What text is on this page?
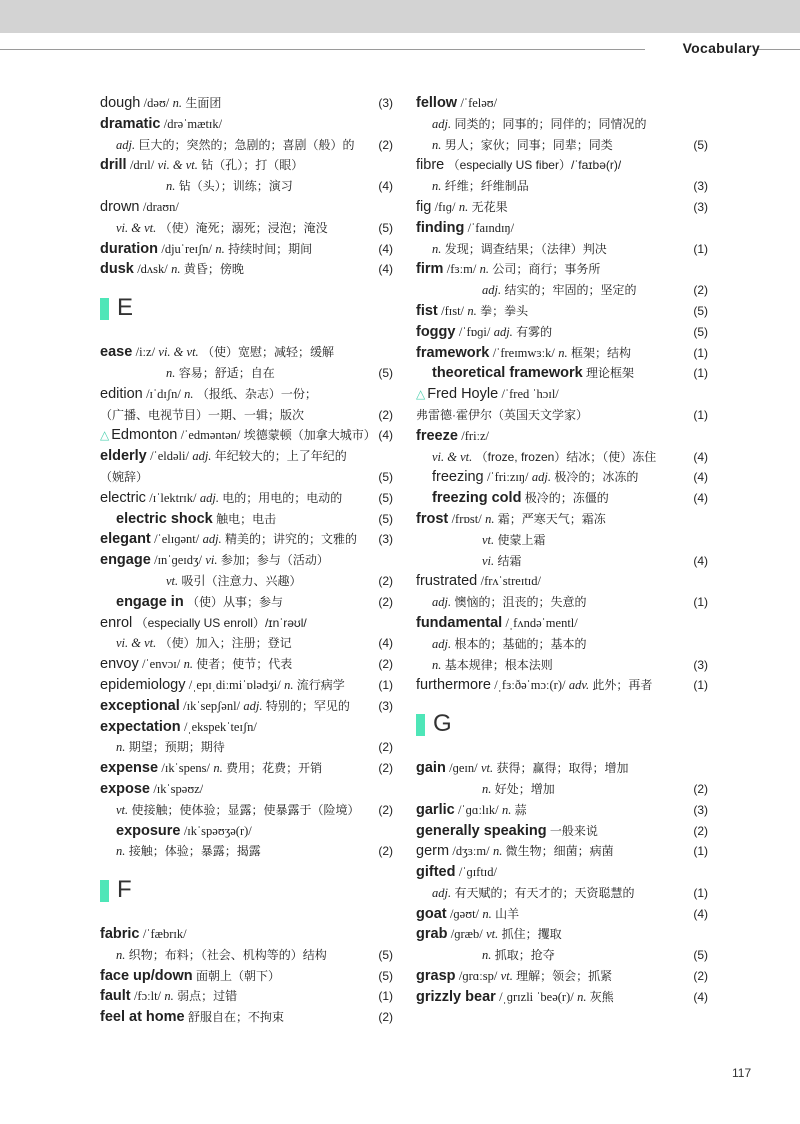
Vocabulary
dough /dəʊ/ n. 生面团	(3)
dramatic /drəˈmætɪk/
adj. 巨大的；突然的；急剧的；喜剧（般）的 (2)
drill /drɪl/ vi. & vt. 钻（孔）；打（眼）
n. 钻（头）；训练；演习	(4)
drown /draʊn/
vi. & vt. （使）淹死；溺死；浸泡；淹没	(5)
duration /djuˈreɪʃn/ n. 持续时间；期间	(4)
dusk /dʌsk/ n. 黄昏；傍晚	(4)
E
ease /iːz/ vi. & vt. （使）宽慰；减轻；缓解
n. 容易；舒适；自在	(5)
edition /ɪˈdɪʃn/ n. （报纸、杂志）一份；
（广播、电视节目）一期、一辑；版次	(2)
△ Edmonton /ˈedməntən/ 埃德蒙顿（加拿大城市） (4)
elderly /ˈeldəli/ adj. 年纪较大的；上了年纪的
（婉辞）	(5)
electric /ɪˈlektrɪk/ adj. 电的；用电的；电动的	(5)
electric shock 触电；电击	(5)
elegant /ˈelɪɡənt/ adj. 精美的；讲究的；文雅的 (3)
engage /ɪnˈɡeɪdʒ/ vi. 参加；参与（活动）
vt. 吸引（注意力、兴趣）	(2)
engage in （使）从事；参与	(2)
enrol （especially US enroll）/ɪnˈrəʊl/
vi. & vt. （使）加入；注册；登记	(4)
envoy /ˈenvɔɪ/ n. 使者；使节；代表	(2)
epidemiology /ˌepɪˌdiːmiˈɒlədʒi/ n. 流行病学	(1)
exceptional /ɪkˈsepʃənl/ adj. 特别的；罕见的 (3)
expectation /ˌekspekˈteɪʃn/
n. 期望；预期；期待	(2)
expense /ɪkˈspens/ n. 费用；花费；开销	(2)
expose /ɪkˈspəʊz/
vt. 使接触；使体验；显露；使暴露于（险境） (2)
exposure /ɪkˈspəʊʒə(r)/
n. 接触；体验；暴露；揭露	(2)
F
fabric /ˈfæbrɪk/
n. 织物；布料；（社会、机构等的）结构	(5)
face up/down 面朝上（朝下）	(5)
fault /fɔːlt/ n. 弱点；过错	(1)
feel at home 舒服自在；不拘束	(2)
fellow /ˈfeləʊ/
adj. 同类的；同事的；同伴的；同情况的
n. 男人；家伙；同事；同辈；同类	(5)
fibre （especially US fiber）/ˈfaɪbə(r)/
n. 纤维；纤维制品	(3)
fig /fɪɡ/ n. 无花果	(3)
finding /ˈfaɪndɪŋ/
n. 发现；调查结果；（法律）判决	(1)
firm /fɜːm/ n. 公司；商行；事务所
adj. 结实的；牢固的；坚定的	(2)
fist /fɪst/ n. 拳；拳头	(5)
foggy /ˈfɒɡi/ adj. 有雾的	(5)
framework /ˈfreɪmwɜːk/ n. 框架；结构	(1)
theoretical framework 理论框架	(1)
△ Fred Hoyle /ˈfred ˈhɔɪl/
弗雷德·霍伊尔（英国天文学家）	(1)
freeze /friːz/
vi. & vt. （froze, frozen）结冰；（使）冻住	(4)
freezing /ˈfriːzɪŋ/ adj. 极冷的；冰冻的	(4)
freezing cold 极冷的；冻僵的	(4)
frost /frɒst/ n. 霜；严寒天气；霜冻
vt. 使蒙上霜
vi. 结霜	(4)
frustrated /frʌˈstreɪtɪd/
adj. 懊恼的；沮丧的；失意的	(1)
fundamental /ˌfʌndəˈmentl/
adj. 根本的；基础的；基本的
n. 基本规律；根本法则	(3)
furthermore /ˌfɜːðəˈmɔː(r)/ adv. 此外；再者	(1)
G
gain /ɡeɪn/ vt. 获得；赢得；取得；增加
n. 好处；增加	(2)
garlic /ˈɡɑːlɪk/ n. 蒜	(3)
generally speaking 一般来说	(2)
germ /dʒɜːm/ n. 微生物；细菌；病菌	(1)
gifted /ˈɡɪftɪd/
adj. 有天赋的；有天才的；天资聪慧的	(1)
goat /ɡəʊt/ n. 山羊	(4)
grab /ɡræb/ vt. 抓住；攫取
n. 抓取；抢夺	(5)
grasp /ɡrɑːsp/ vt. 理解；领会；抓紧	(2)
grizzly bear /ˌɡrɪzli ˈbeə(r)/ n. 灰熊	(4)
117
